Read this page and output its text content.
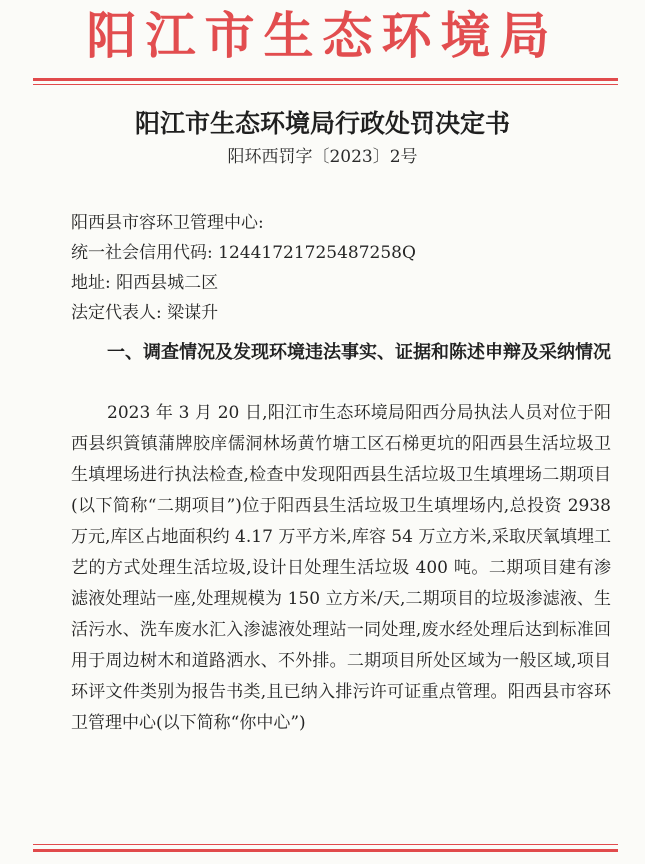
阳江市生态环境局
阳江市生态环境局行政处罚决定书
阳环西罚字〔2023〕2号
阳西县市容环卫管理中心:
统一社会信用代码: 12441721725487258Q
地址: 阳西县城二区
法定代表人: 梁谋升
一、调查情况及发现环境违法事实、证据和陈述申辩及采纳情况
2023 年 3 月 20 日,阳江市生态环境局阳西分局执法人员对位于阳西县织篢镇蒲牌胶庠儒洞林场黄竹塘工区石梯更坑的阳西县生活垃圾卫生填埋场进行执法检查,检查中发现阳西县生活垃圾卫生填埋场二期项目(以下简称“二期项目”)位于阳西县生活垃圾卫生填埋场内,总投资 2938 万元,库区占地面积约 4.17 万平方米,库容 54 万立方米,采取厌氧填埋工艺的方式处理生活垃圾,设计日处理生活垃圾 400 吨。二期项目建有渗滤液处理站一座,处理规模为 150 立方米/天,二期项目的垃圾渗滤液、生活污水、洗车废水汇入渗滤液处理站一同处理,废水经处理后达到标准回用于周边树木和道路洒水、不外排。二期项目所处区域为一般区域,项目环评文件类别为报告书类,且已纳入排污许可证重点管理。阳西县市容环卫管理中心(以下简称“你中心”)
